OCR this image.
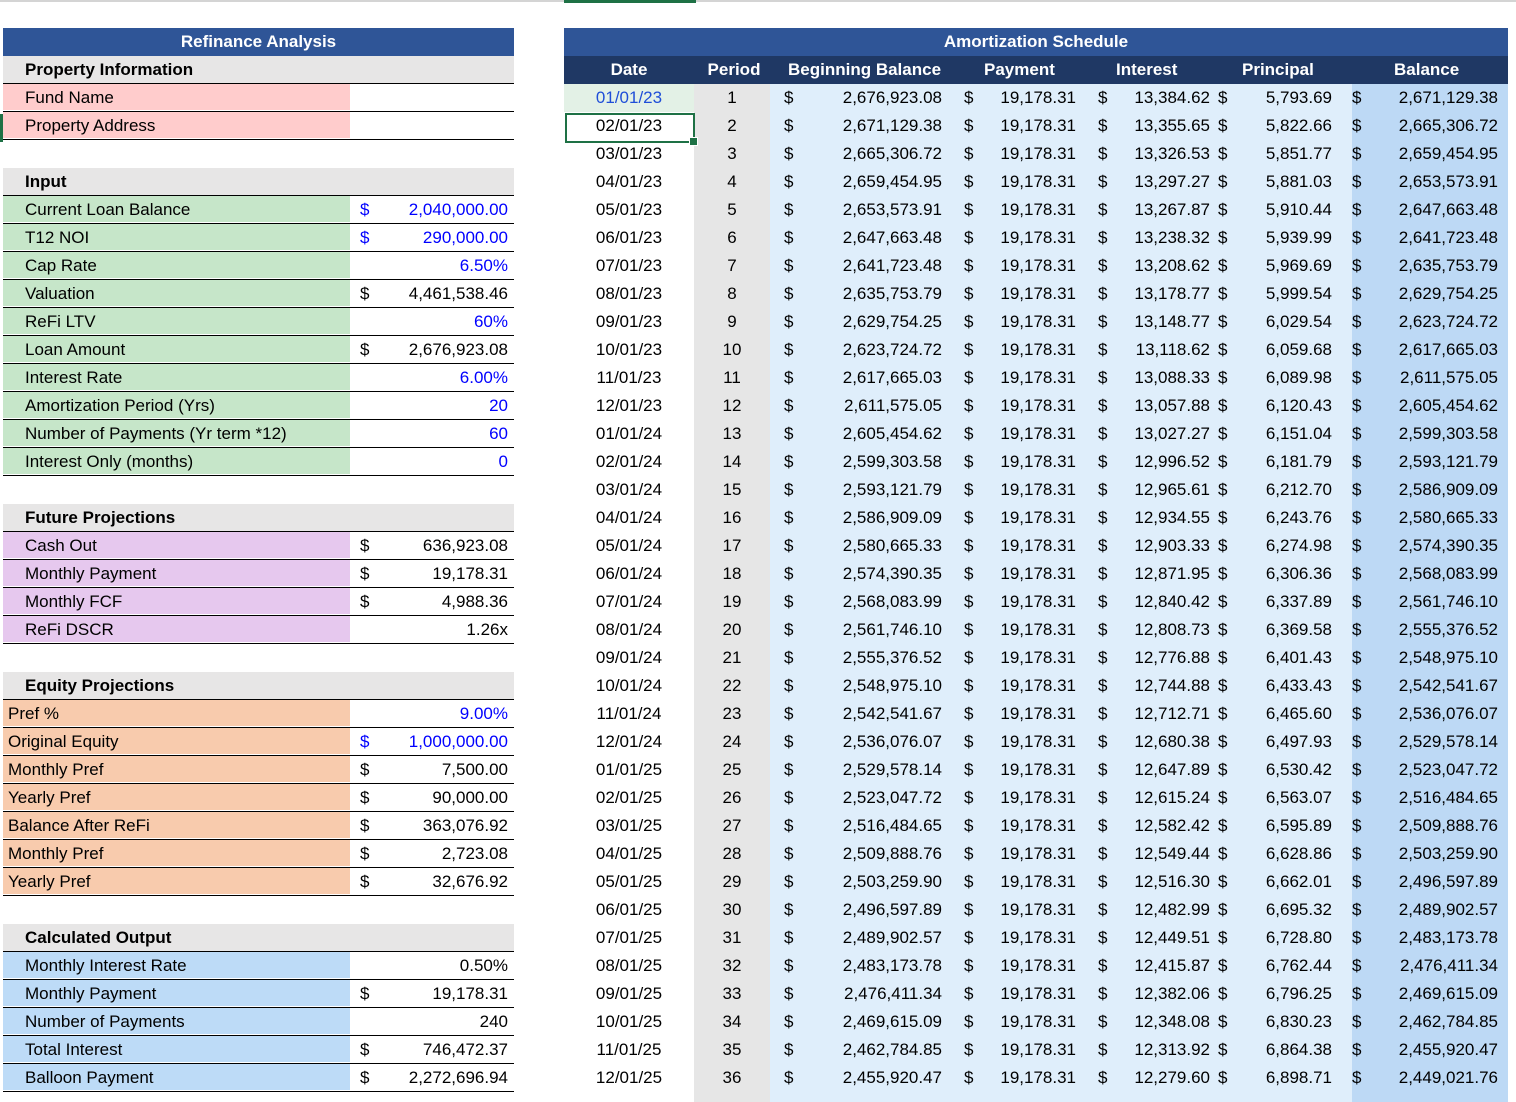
Refinance Analysis
Property Information
Fund Name
Property Address
Input
Current Loan Balance	$ 2,040,000.00
T12 NOI	$	290,000.00
Cap Rate	6.50%
Valuation	$ 4,461,538.46
ReFi LTV	60%
Loan Amount	$ 2,676,923.08
Interest Rate	6.00%
Amortization Period (Yrs)	20
Number of Payments (Yr term *12)	60
Interest Only (months)	0
Future Projections
Cash Out	$	636,923.08
Monthly Payment	$	19,178.31
Monthly FCF	$	4,988.36
ReFi DSCR	1.26x
Equity Projections
Pref %	9.00%
Original Equity	$ 1,000,000.00
Monthly Pref	$	7,500.00
Yearly Pref	$	90,000.00
Balance After ReFi	$	363,076.92
Monthly Pref	$	2,723.08
Yearly Pref	$	32,676.92
Calculated Output
Monthly Interest Rate	0.50%
Monthly Payment	$	19,178.31
Number of Payments	240
Total Interest	$	746,472.37
Balloon Payment	$ 2,272,696.94
Amortization Schedule
Date	Period	Beginning Balance	Payment	Interest	Principal	Balance
01/01/23	1	2,676,923.08	19,178.31	13,384.62	5,793.69	2,671,129.38
$	$	$	$	$
02/01/23	2	2,671,129.38	19,178.31	13,355.65	5,822.66	2,665,306.72
$	$	$	$	$
03/01/23	3	2,665,306.72	19,178.31	13,326.53	5,851.77	2,659,454.95
$	$	$	$	$
04/01/23	4	2,659,454.95	19,178.31	13,297.27	5,881.03	2,653,573.91
$	$	$	$	$
05/01/23	5	2,653,573.91	19,178.31	13,267.87	5,910.44	2,647,663.48
$	$	$	$	$
06/01/23	6	2,647,663.48	19,178.31	13,238.32	5,939.99	2,641,723.48
$	$	$	$	$
07/01/23	7	2,641,723.48	19,178.31	13,208.62	5,969.69	2,635,753.79
$	$	$	$	$
08/01/23	8	2,635,753.79	19,178.31	13,178.77	5,999.54	2,629,754.25
$	$	$	$	$
09/01/23	9	2,629,754.25	19,178.31	13,148.77	6,029.54	2,623,724.72
$	$	$	$	$
10/01/23	10	2,623,724.72	19,178.31	13,118.62	6,059.68	2,617,665.03
$	$	$	$	$
11/01/23	11	2,617,665.03	19,178.31	13,088.33	6,089.98	2,611,575.05
$	$	$	$	$
12/01/23	12	2,611,575.05	19,178.31	13,057.88	6,120.43	2,605,454.62
$	$	$	$	$
01/01/24	13	2,605,454.62	19,178.31	13,027.27	6,151.04	2,599,303.58
$	$	$	$	$
02/01/24	14	2,599,303.58	19,178.31	12,996.52	6,181.79	2,593,121.79
$	$	$	$	$
03/01/24	15	2,593,121.79	19,178.31	12,965.61	6,212.70	2,586,909.09
$	$	$	$	$
04/01/24	16	2,586,909.09	19,178.31	12,934.55	6,243.76	2,580,665.33
$	$	$	$	$
05/01/24	17	2,580,665.33	19,178.31	12,903.33	6,274.98	2,574,390.35
$	$	$	$	$
06/01/24	18	2,574,390.35	19,178.31	12,871.95	6,306.36	2,568,083.99
$	$	$	$	$
07/01/24	19	2,568,083.99	19,178.31	12,840.42	6,337.89	2,561,746.10
$	$	$	$	$
08/01/24	20	2,561,746.10	19,178.31	12,808.73	6,369.58	2,555,376.52
$	$	$	$	$
09/01/24	21	2,555,376.52	19,178.31	12,776.88	6,401.43	2,548,975.10
$	$	$	$	$
10/01/24	22	2,548,975.10	19,178.31	12,744.88	6,433.43	2,542,541.67
$	$	$	$	$
11/01/24	23	2,542,541.67	19,178.31	12,712.71	6,465.60	2,536,076.07
$	$	$	$	$
12/01/24	24	2,536,076.07	19,178.31	12,680.38	6,497.93	2,529,578.14
$	$	$	$	$
01/01/25	25	2,529,578.14	19,178.31	12,647.89	6,530.42	2,523,047.72
$	$	$	$	$
02/01/25	26	2,523,047.72	19,178.31	12,615.24	6,563.07	2,516,484.65
$	$	$	$	$
03/01/25	27	2,516,484.65	19,178.31	12,582.42	6,595.89	2,509,888.76
$	$	$	$	$
04/01/25	28	2,509,888.76	19,178.31	12,549.44	6,628.86	2,503,259.90
$	$	$	$	$
05/01/25	29	2,503,259.90	19,178.31	12,516.30	6,662.01	2,496,597.89
$	$	$	$	$
06/01/25	30	2,496,597.89	19,178.31	12,482.99	6,695.32	2,489,902.57
$	$	$	$	$
07/01/25	31	2,489,902.57	19,178.31	12,449.51	6,728.80	2,483,173.78
$	$	$	$	$
08/01/25	32	2,483,173.78	19,178.31	12,415.87	6,762.44	2,476,411.34
$	$	$	$	$
09/01/25	33	2,476,411.34	19,178.31	12,382.06	6,796.25	2,469,615.09
$	$	$	$	$
10/01/25	34	2,469,615.09	19,178.31	12,348.08	6,830.23	2,462,784.85
$	$	$	$	$
11/01/25	35	2,462,784.85	19,178.31	12,313.92	6,864.38	2,455,920.47
$	$	$	$	$
12/01/25	36	2,455,920.47	19,178.31	12,279.60	6,898.71	2,449,021.76
$	$	$	$	$
